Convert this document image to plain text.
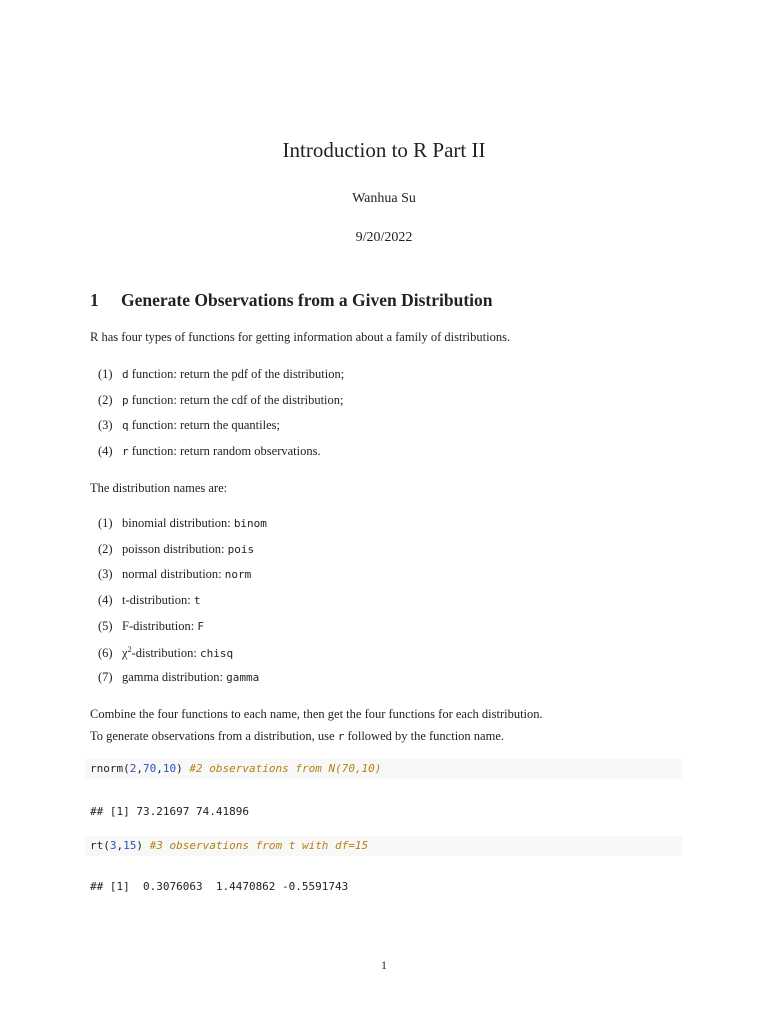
Introduction to R Part II
Wanhua Su
9/20/2022
1 Generate Observations from a Given Distribution
R has four types of functions for getting information about a family of distributions.
(1) d function: return the pdf of the distribution;
(2) p function: return the cdf of the distribution;
(3) q function: return the quantiles;
(4) r function: return random observations.
The distribution names are:
(1) binomial distribution: binom
(2) poisson distribution: pois
(3) normal distribution: norm
(4) t-distribution: t
(5) F-distribution: F
(6) $\chi^2$-distribution: chisq
(7) gamma distribution: gamma
Combine the four functions to each name, then get the four functions for each distribution.
To generate observations from a distribution, use r followed by the function name.
rnorm(2,70,10) #2 observations from N(70,10)
## [1] 73.21697 74.41896
rt(3,15) #3 observations from t with df=15
## [1]  0.3076063  1.4470862 -0.5591743
1
